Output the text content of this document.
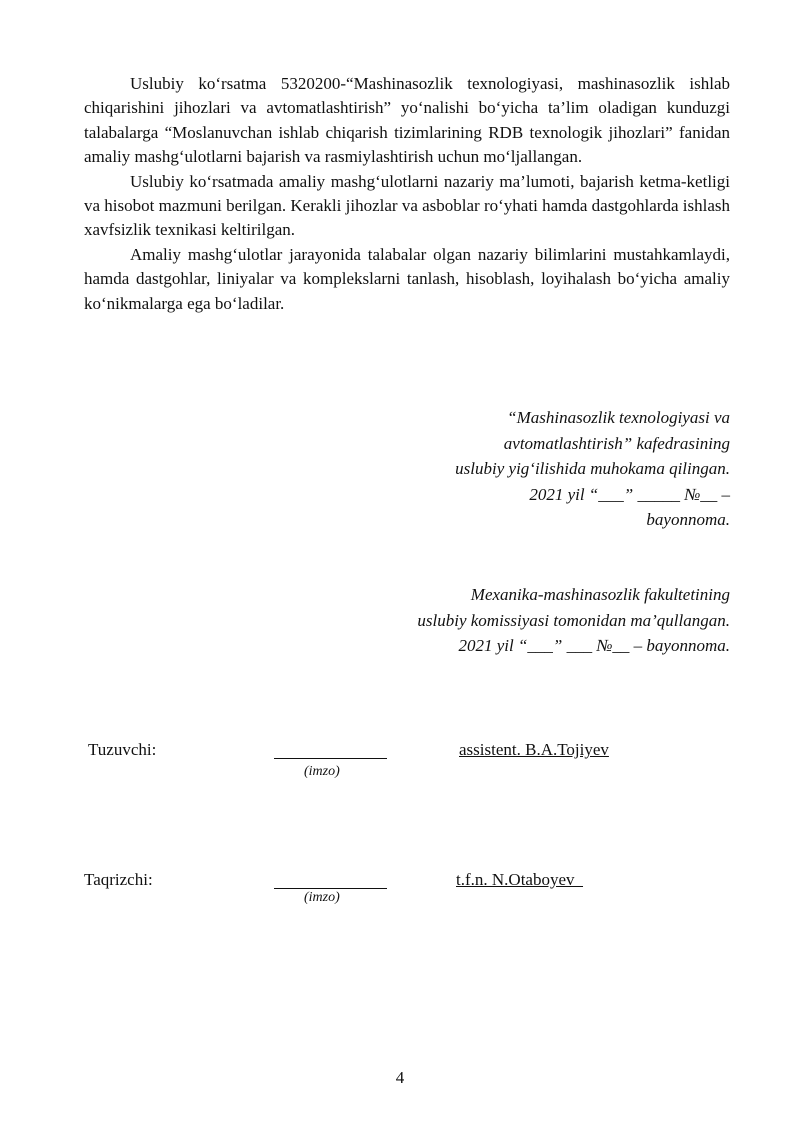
Uslubiy ko‘rsatma 5320200-“Mashinasozlik texnologiyasi, mashinasozlik ishlab chiqarishini jihozlari va avtomatlashtirish” yo‘nalishi bo‘yicha ta’lim oladigan kunduzgi talabalarga “Moslanuvchan ishlab chiqarish tizimlarining RDB texnologik jihozlari” fanidan amaliy mashg‘ulotlarni bajarish va rasmiylashtirish uchun mo‘ljallangan.

Uslubiy ko‘rsatmada amaliy mashg‘ulotlarni nazariy ma’lumoti, bajarish ketma-ketligi va hisobot mazmuni berilgan. Kerakli jihozlar va asboblar ro‘yhati hamda dastgohlarda ishlash xavfsizlik texnikasi keltirilgan.

Amaliy mashg‘ulotlar jarayonida talabalar olgan nazariy bilimlarini mustahkamlaydi, hamda dastgohlar, liniyalar va komplekslarni tanlash, hisoblash, loyihalash bo‘yicha amaliy ko‘nikmalarga ega bo‘ladilar.

“Mashinasozlik texnologiyasi va
avtomatlashtirish” kafedrasining
uslubiy yig‘ilishida muhokama qilingan.
2021 yil “___” _____ №__ –
bayonnoma.
Mexanika-mashinasozlik fakultetining
uslubiy komissiyasi tomonidan ma’qullangan.
2021 yil “___” ___ №__ – bayonnoma.
Tuzuvchi:
(imzo)
assistent. B.A.Tojiyev
Taqrizchi:
(imzo)
t.f.n. N.Otaboyev
4
